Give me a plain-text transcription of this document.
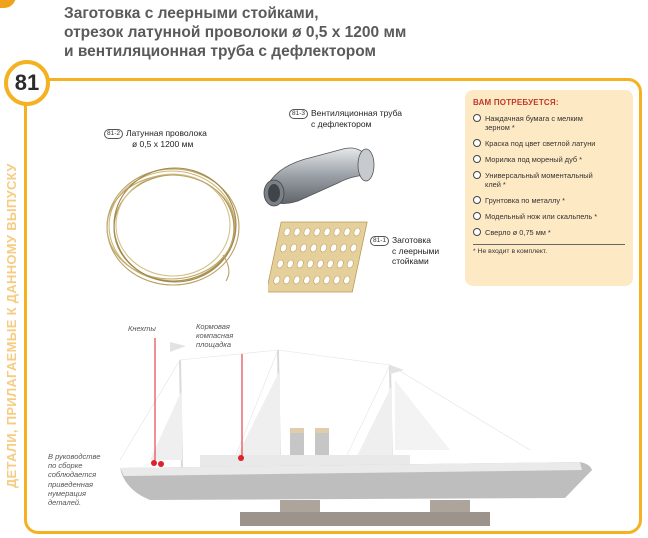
Заготовка с леерными стойками,
отрезок латунной проволоки ø 0,5 х 1200 мм
и вентиляционная труба с дефлектором
ДЕТАЛИ, ПРИЛАГАЕМЫЕ К ДАННОМУ ВЫПУСКУ
81
81-2 Латунная проволока
ø 0,5 х 1200 мм
81-3 Вентиляционная труба
с дефлектором
81-1 Заготовка
с леерными
стойками
ВАМ ПОТРЕБУЕТСЯ:
Наждачная бумага с мелким
зерном *
Краска под цвет светлой латуни
Морилка под мореный дуб *
Универсальный моментальный
клей *
Грунтовка по металлу *
Модельный нож или скальпель *
Сверло ø 0,75 мм *
* Не входит в комплект.
Кнехты	Кормовая
компасная
площадка
В руководстве
по сборке
соблюдается
приведенная
нумерация
деталей.
